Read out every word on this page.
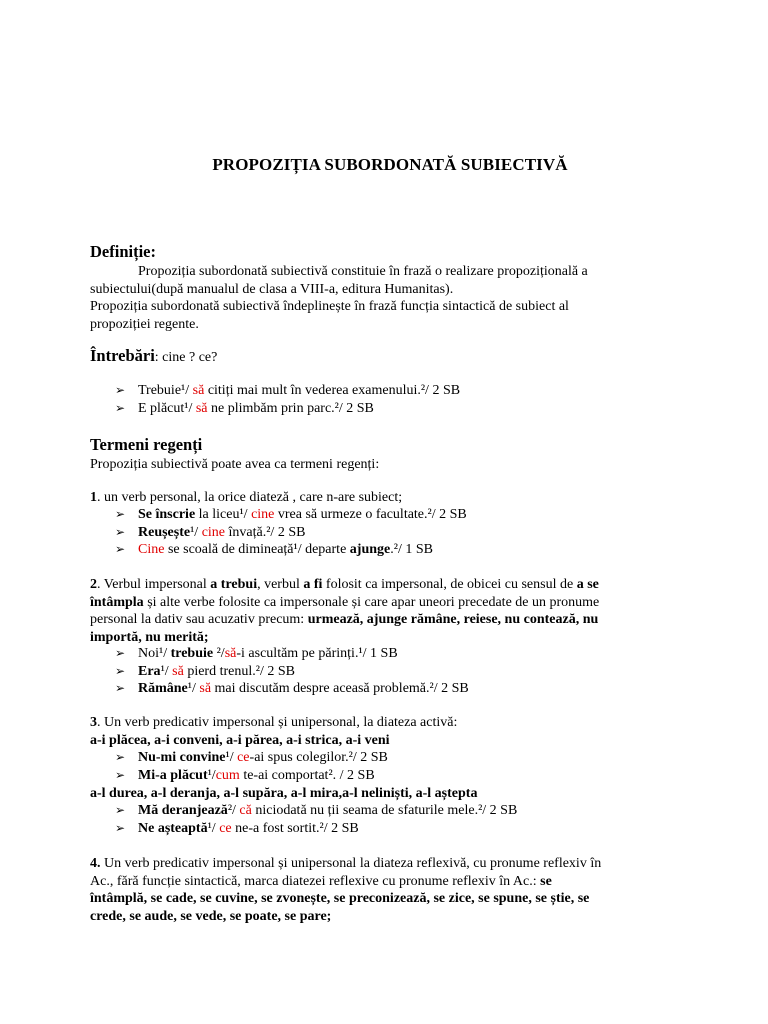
PROPOZIȚIA SUBORDONATĂ SUBIECTIVĂ
Definiție:
Propoziția subordonată subiectivă constituie în frază o realizare propozițională a
subiectului(după manualul de clasa a VIII-a, editura Humanitas).
Propoziția subordonată subiectivă îndeplinește în frază funcția sintactică de subiect al
propoziției regente.
Întrebări: cine ? ce?
➢ Trebuie¹/ să citiți mai mult în vederea examenului.²/ 2 SB
➢ E plăcut¹/ să ne plimbăm prin parc.²/ 2 SB
Termeni regenți
Propoziția subiectivă poate avea ca termeni regenți:
1. un verb personal, la orice diateză , care n-are subiect;
➢ Se înscrie la liceu¹/ cine vrea să urmeze o facultate.²/ 2 SB
➢ Reușește¹/ cine învață.²/ 2 SB
➢ Cine se scoală de dimineață¹/ departe ajunge.²/ 1 SB
2. Verbul impersonal a trebui, verbul a fi folosit ca impersonal, de obicei cu sensul de a se
întâmpla și alte verbe folosite ca impersonale și care apar uneori precedate de un pronume
personal la dativ sau acuzativ precum: urmează, ajunge rămâne, reiese, nu contează, nu
importă, nu merită;
➢ Noi¹/ trebuie ²/să-i ascultăm pe părinți.¹/ 1 SB
➢ Era¹/ să pierd trenul.²/ 2 SB
➢ Rămâne¹/ să mai discutăm despre aceasă problemă.²/ 2 SB
3. Un verb predicativ impersonal și unipersonal, la diateza activă:
a-i plăcea, a-i conveni, a-i părea, a-i strica, a-i veni
➢ Nu-mi convine¹/ ce-ai spus colegilor.²/ 2 SB
➢ Mi-a plăcut¹/cum te-ai comportat². / 2 SB
a-l durea, a-l deranja, a-l supăra, a-l mira,a-l neliniști, a-l aștepta
➢ Mă deranjează²/ că niciodată nu ții seama de sfaturile mele.²/ 2 SB
➢ Ne așteaptă¹/ ce ne-a fost sortit.²/ 2 SB
4. Un verb predicativ impersonal și unipersonal la diateza reflexivă, cu pronume reflexiv în
Ac., fără funcție sintactică, marca diatezei reflexive cu pronume reflexiv în Ac.: se
întâmplă, se cade, se cuvine, se zvonește, se preconizează, se zice, se spune, se știe, se
crede, se aude, se vede, se poate, se pare;
